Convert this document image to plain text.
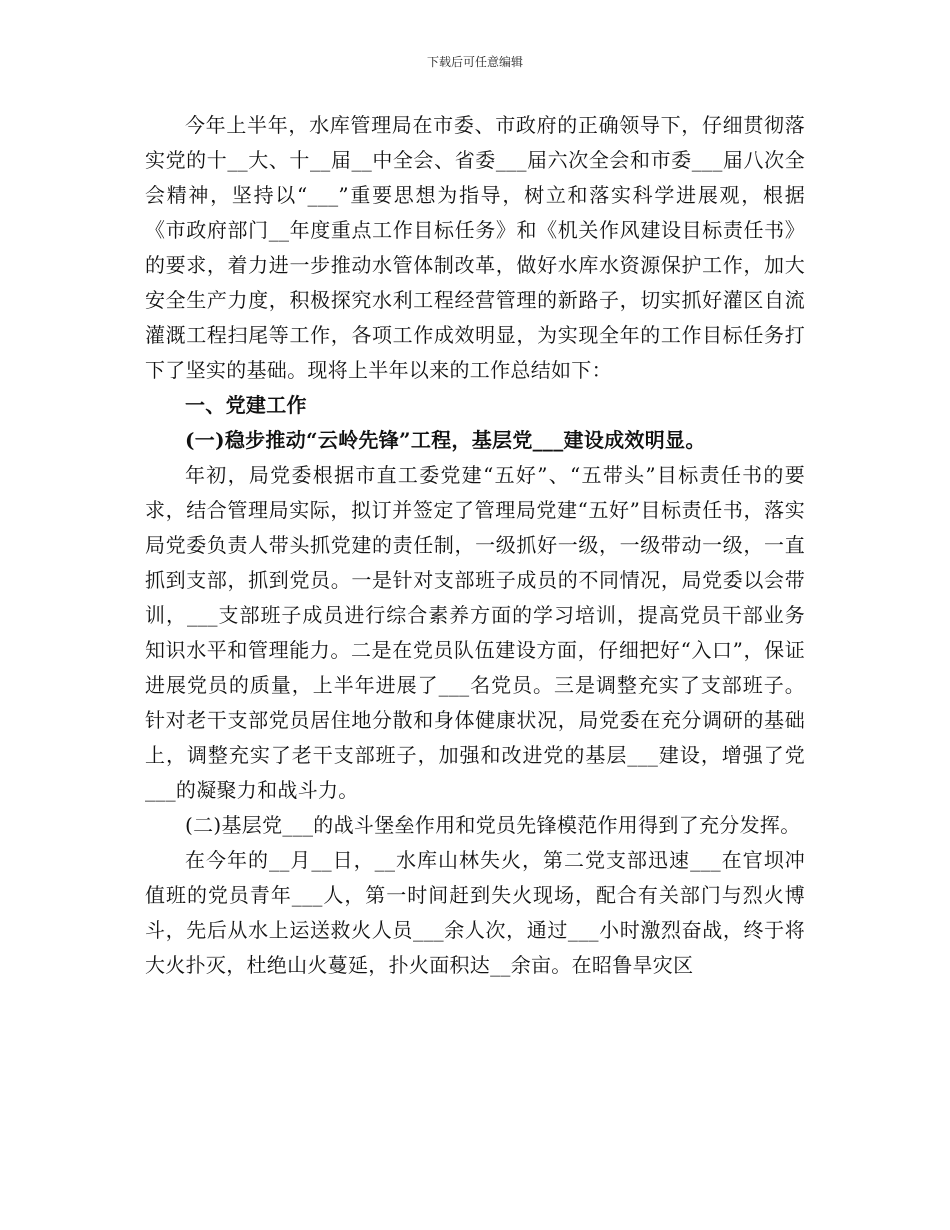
下载后可任意编辑

今年上半年，水库管理局在市委、市政府的正确领导下，仔细贯彻落实党的十__大、十__届__中全会、省委___届六次全会和市委___届八次全会精神，坚持以“___”重要思想为指导，树立和落实科学进展观，根据《市政府部门__年度重点工作目标任务》和《机关作风建设目标责任书》的要求，着力进一步推动水管体制改革，做好水库水资源保护工作，加大安全生产力度，积极探究水利工程经营管理的新路子，切实抓好灌区自流灌溉工程扫尾等工作，各项工作成效明显，为实现全年的工作目标任务打下了坚实的基础。现将上半年以来的工作总结如下：

一、党建工作

(一)稳步推动“云岭先锋”工程，基层党___建设成效明显。

年初，局党委根据市直工委党建“五好”、“五带头”目标责任书的要求，结合管理局实际，拟订并签定了管理局党建“五好”目标责任书，落实局党委负责人带头抓党建的责任制，一级抓好一级，一级带动一级，一直抓到支部，抓到党员。一是针对支部班子成员的不同情况，局党委以会带训，___支部班子成员进行综合素养方面的学习培训，提高党员干部业务知识水平和管理能力。二是在党员队伍建设方面，仔细把好“入口”，保证进展党员的质量，上半年进展了___名党员。三是调整充实了支部班子。针对老干支部党员居住地分散和身体健康状况，局党委在充分调研的基础上，调整充实了老干支部班子，加强和改进党的基层___建设，增强了党___的凝聚力和战斗力。

(二)基层党___的战斗堡垒作用和党员先锋模范作用得到了充分发挥。

在今年的__月__日，__水库山林失火，第二党支部迅速___在官坝冲值班的党员青年___人，第一时间赶到失火现场，配合有关部门与烈火博斗，先后从水上运送救火人员___余人次，通过___小时激烈奋战，终于将大火扑灭，杜绝山火蔓延，扑火面积达__余亩。在昭鲁旱灾区
